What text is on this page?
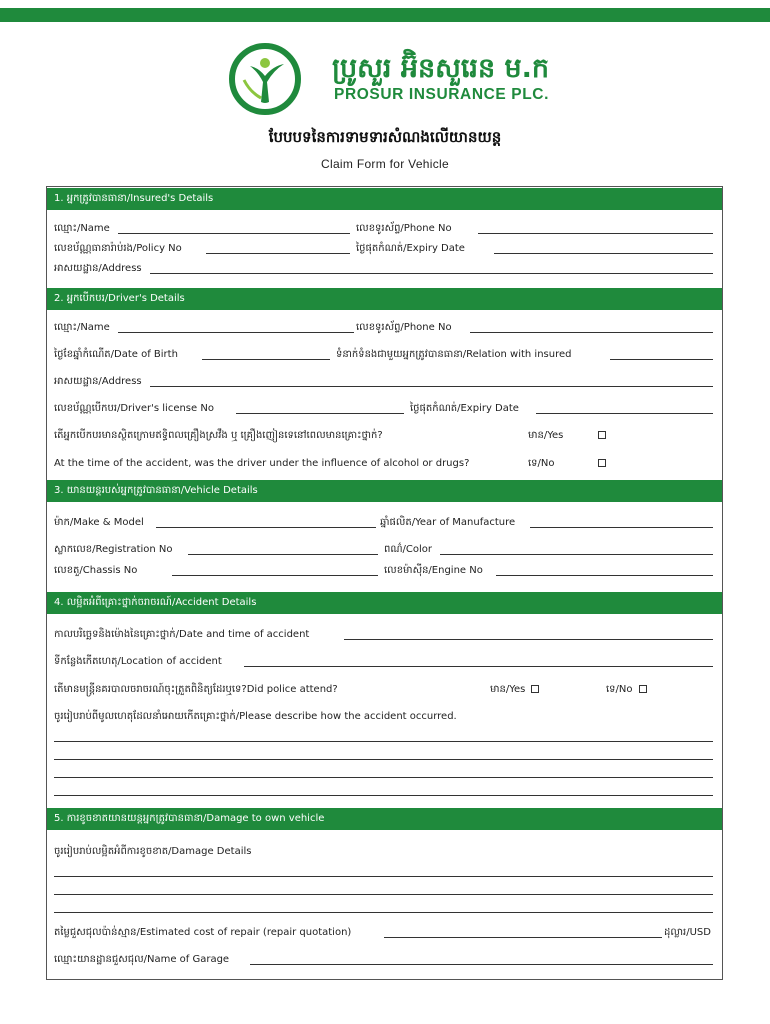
ប្រូសួរ អ៊ិនសួរេន ម.ក
PROSUR INSURANCE PLC.
បែបបទនៃការទាមទារសំណងលើយានយន្ត
Claim Form for Vehicle
1. អ្នកត្រូវបានធានា/Insured's Details
ឈ្មោះ/Name	លេខទូរស័ព្ទ/Phone No
លេខប័ណ្ណធានារ៉ាប់រង/Policy No	ថ្ងៃផុតកំណត់/Expiry Date
អាសយដ្ឋាន/Address
2. អ្នកបើកបរ/Driver's Details
ឈ្មោះ/Name	លេខទូរស័ព្ទ/Phone No
ថ្ងៃខែឆ្នាំកំណើត/Date of Birth	ទំនាក់ទំនងជាមួយអ្នកត្រូវបានធានា/Relation with insured
អាសយដ្ឋាន/Address
លេខប័ណ្ណបើកបរ/Driver's license No	ថ្ងៃផុតកំណត់/Expiry Date
តើអ្នកបើកបរមានស្ថិតក្រោមឥទ្ធិពលគ្រឿងស្រវឹង ឬ គ្រឿងញៀនទេនៅពេលមានគ្រោះថ្នាក់?	មាន/Yes
At the time of the accident, was the driver under the influence of alcohol or drugs?	ទេ/No
3. យានយន្តរបស់អ្នកត្រូវបានធានា/Vehicle Details
ម៉ាក/Make & Model	ឆ្នាំផលិត/Year of Manufacture
ស្លាកលេខ/Registration No	ពណ៌/Color
លេខតួ/Chassis No	លេខម៉ាស៊ីន/Engine No
4. លម្អិតអំពីគ្រោះថ្នាក់ចរាចរណ៍/Accident Details
កាលបរិច្ឆេទនិងម៉ោងនៃគ្រោះថ្នាក់/Date and time of accident
ទីកន្លែងកើតហេតុ/Location of accident
តើមានមន្ត្រីនគរបាលចរាចរណ៍ចុះត្រួតពិនិត្យដែរឬទេ?Did police attend?	មាន/Yes	ទេ/No
ចូររៀបរាប់ពីមូលហេតុដែលនាំអោយកើតគ្រោះថ្នាក់/Please describe how the accident occurred.
5. ការខូចខាតយានយន្តអ្នកត្រូវបានធានា/Damage to own vehicle
ចូររៀបរាប់លម្អិតអំពីការខូចខាត/Damage Details
តម្លៃជួសជុលប៉ាន់ស្មាន/Estimated cost of repair (repair quotation)	ដុល្លារ/USD
ឈ្មោះយានដ្ឋានជួសជុល/Name of Garage
